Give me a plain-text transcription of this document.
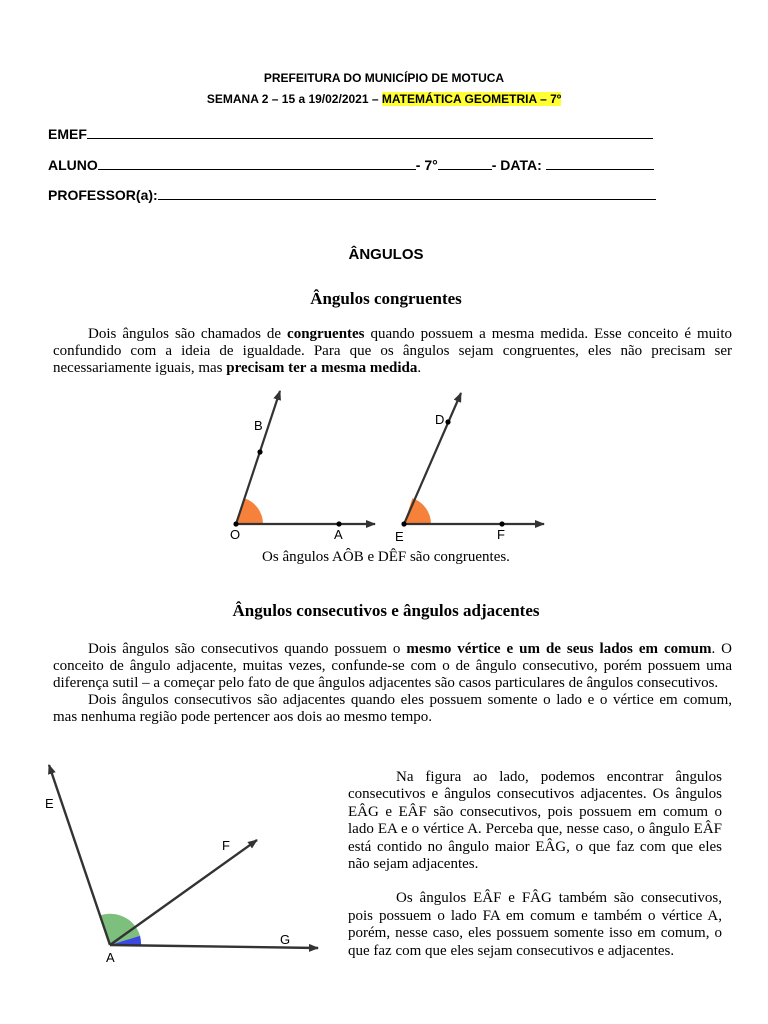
PREFEITURA DO MUNICÍPIO DE MOTUCA
SEMANA 2 – 15 a 19/02/2021 – MATEMÁTICA GEOMETRIA – 7º
EMEF
ALUNO	- 7°	- DATA:
PROFESSOR(a):
ÂNGULOS
Ângulos congruentes

Dois ângulos são chamados de congruentes quando possuem a mesma medida. Esse conceito é muito confundido com a ideia de igualdade. Para que os ângulos sejam congruentes, eles não precisam ser necessariamente iguais, mas precisam ter a mesma medida.

B
O	A
D
E	F
Os ângulos AÔB e DÊF são congruentes.
Ângulos consecutivos e ângulos adjacentes

Dois ângulos são consecutivos quando possuem o mesmo vértice e um de seus lados em comum. O conceito de ângulo adjacente, muitas vezes, confunde-se com o de ângulo consecutivo, porém possuem uma diferença sutil – a começar pelo fato de que ângulos adjacentes são casos particulares de ângulos consecutivos.

Dois ângulos consecutivos são adjacentes quando eles possuem somente o lado e o vértice em comum, mas nenhuma região pode pertencer aos dois ao mesmo tempo.

E
F
G
A

Na figura ao lado, podemos encontrar ângulos consecutivos e ângulos consecutivos adjacentes. Os ângulos EÂG e EÂF são consecutivos, pois possuem em comum o lado EA e o vértice A. Perceba que, nesse caso, o ângulo EÂF está contido no ângulo maior EÂG, o que faz com que eles não sejam adjacentes.

Os ângulos EÂF e FÂG também são consecutivos, pois possuem o lado FA em comum e também o vértice A, porém, nesse caso, eles possuem somente isso em comum, o que faz com que eles sejam consecutivos e adjacentes.
